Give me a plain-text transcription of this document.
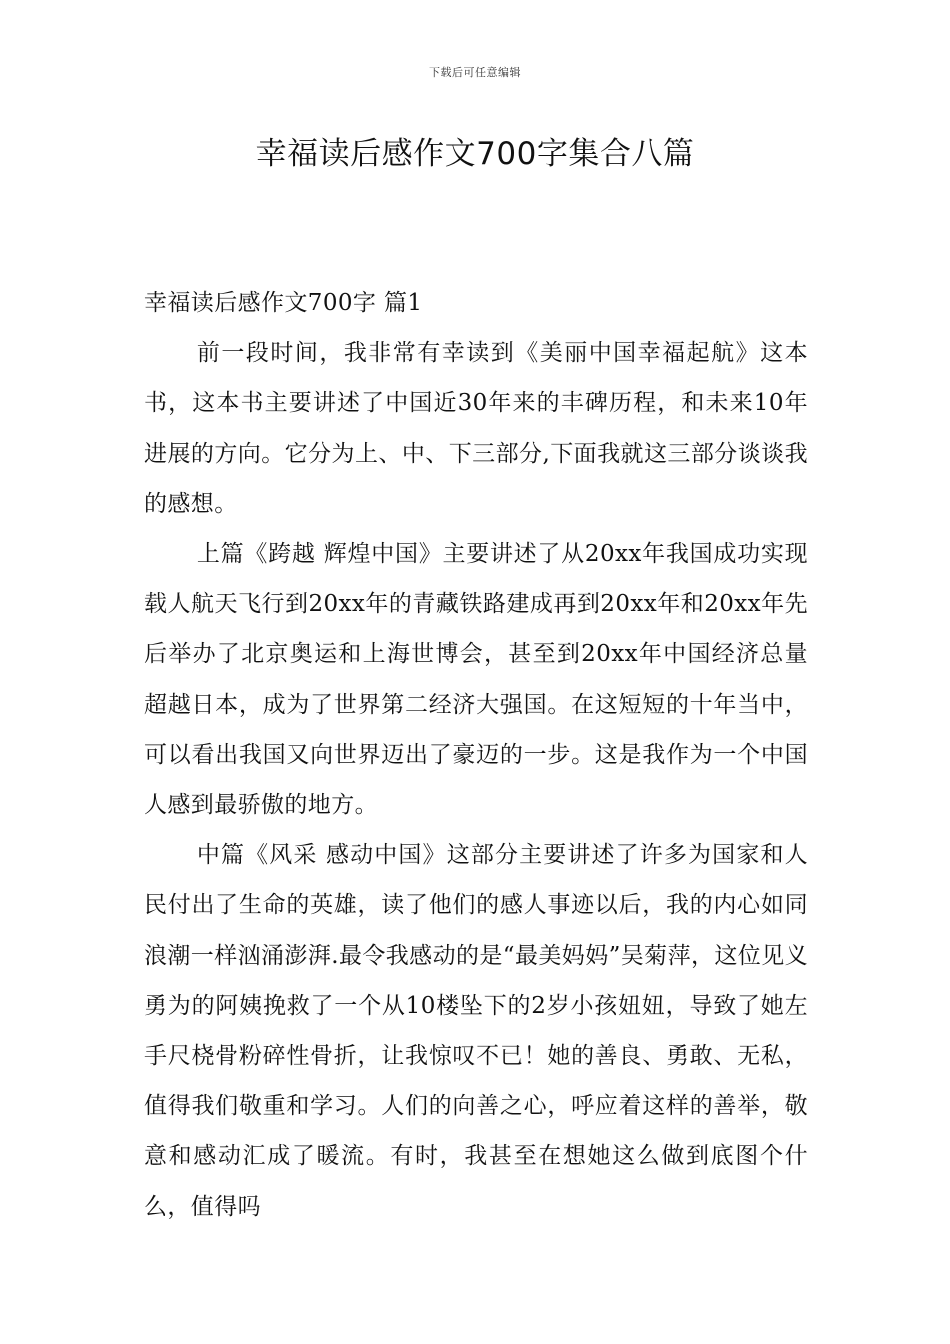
下载后可任意编辑
幸福读后感作文700字集合八篇
幸福读后感作文700字 篇1

前一段时间，我非常有幸读到《美丽中国幸福起航》这本书，这本书主要讲述了中国近30年来的丰碑历程，和未来10年进展的方向。它分为上、中、下三部分,下面我就这三部分谈谈我的感想。

上篇《跨越 辉煌中国》主要讲述了从20xx年我国成功实现载人航天飞行到20xx年的青藏铁路建成再到20xx年和20xx年先后举办了北京奥运和上海世博会，甚至到20xx年中国经济总量超越日本，成为了世界第二经济大强国。在这短短的十年当中，可以看出我国又向世界迈出了豪迈的一步。这是我作为一个中国人感到最骄傲的地方。

中篇《风采 感动中国》这部分主要讲述了许多为国家和人民付出了生命的英雄，读了他们的感人事迹以后，我的内心如同浪潮一样汹涌澎湃.最令我感动的是“最美妈妈”吴菊萍，这位见义勇为的阿姨挽救了一个从10楼坠下的2岁小孩妞妞，导致了她左手尺桡骨粉碎性骨折，让我惊叹不已！她的善良、勇敢、无私，值得我们敬重和学习。人们的向善之心，呼应着这样的善举，敬意和感动汇成了暖流。有时，我甚至在想她这么做到底图个什么，值得吗
